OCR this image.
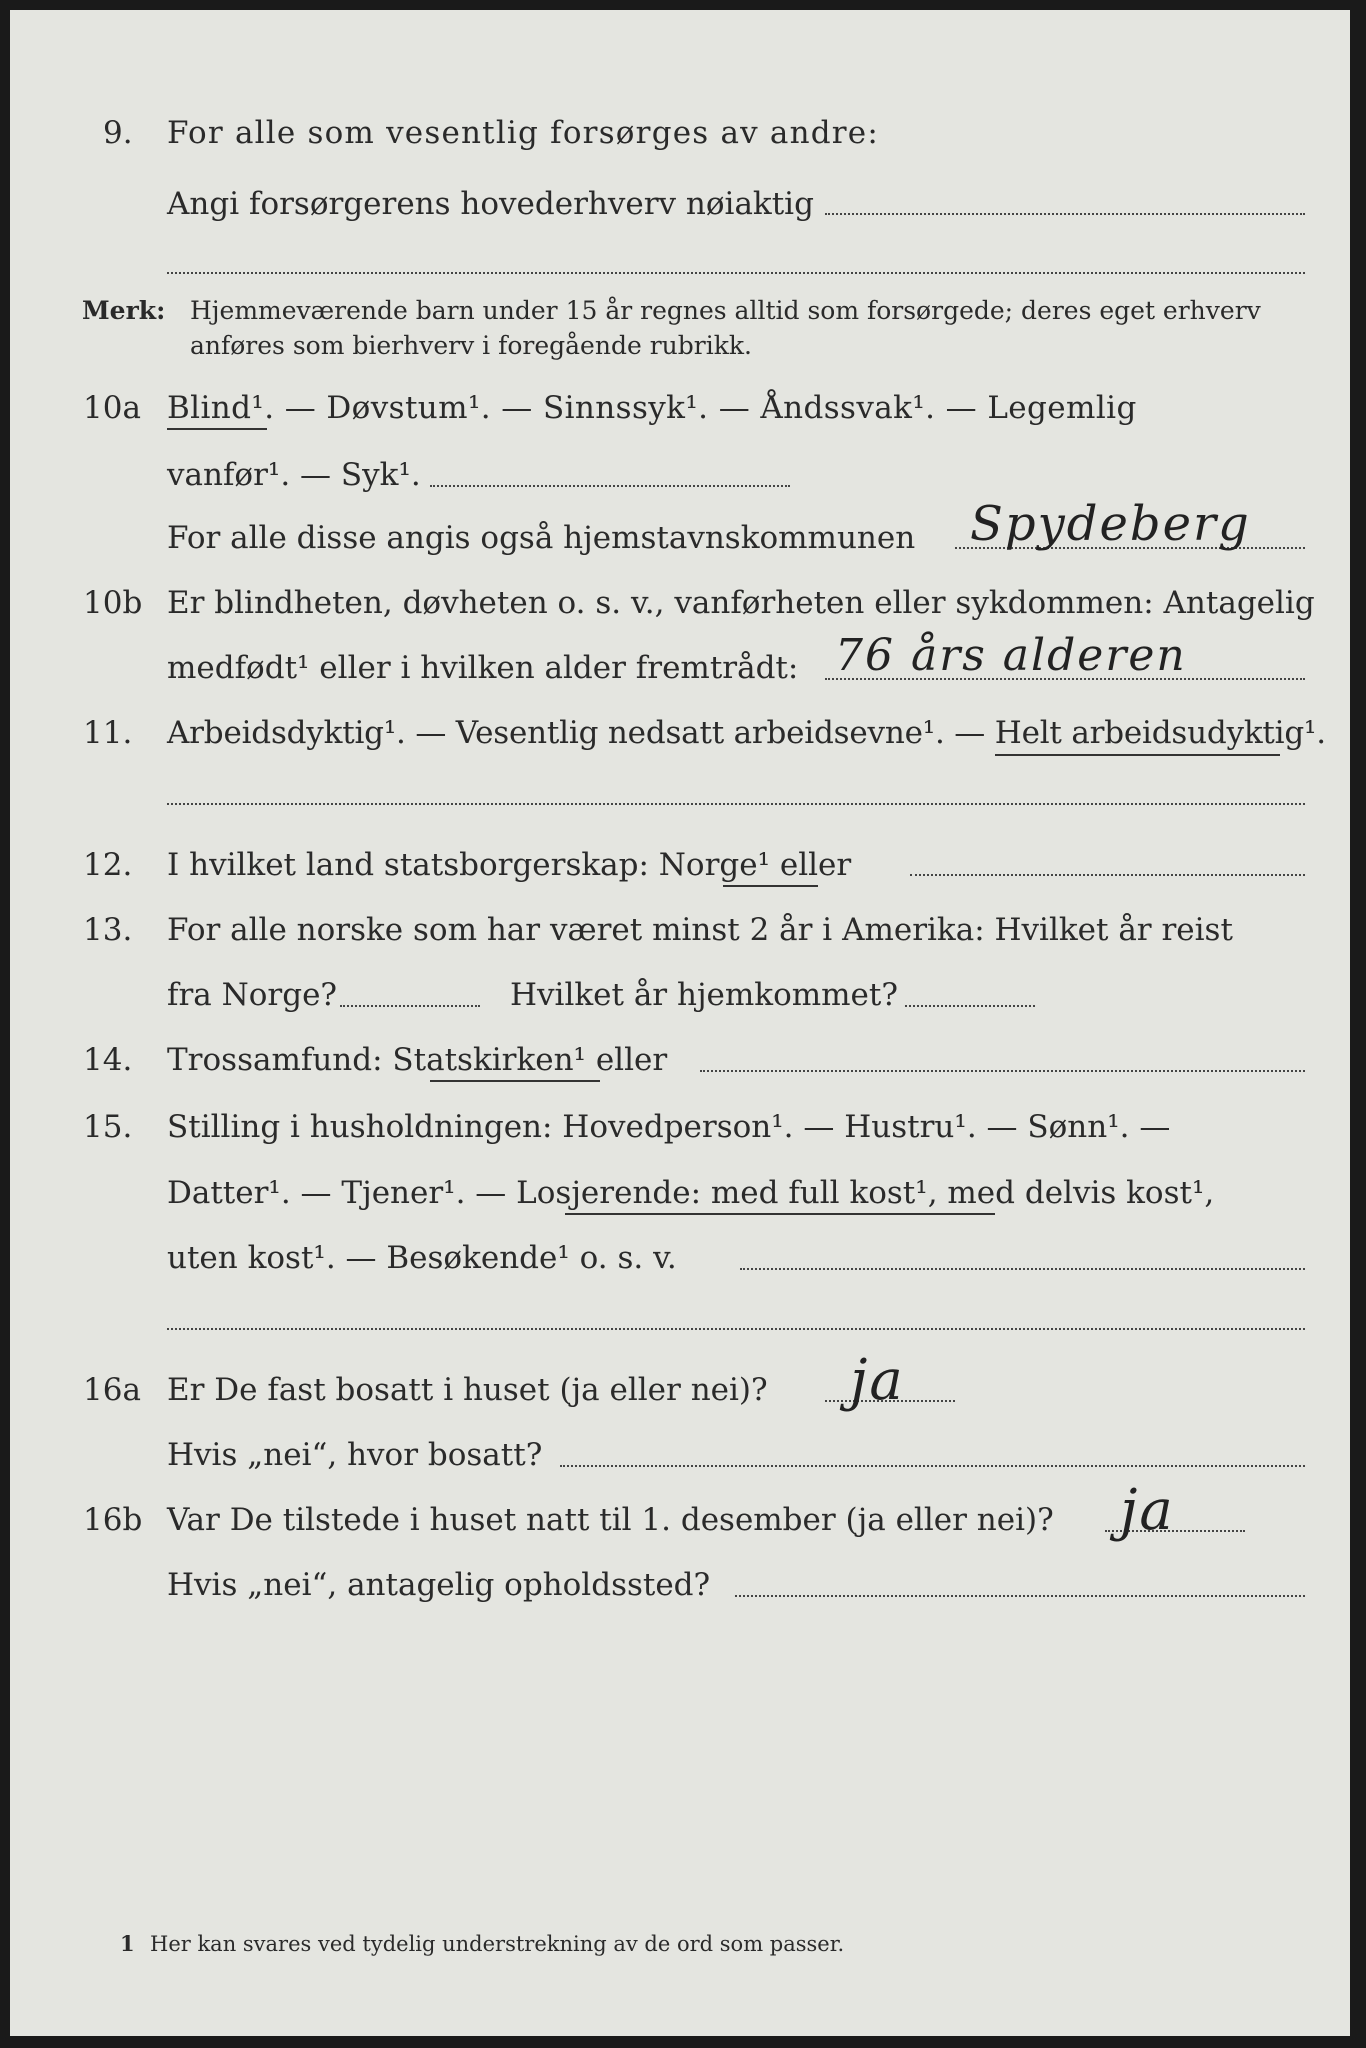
9. For alle som vesentlig forsørges av andre:
Angi forsørgerens hovederhverv nøiaktig
Merk: Hjemmeværende barn under 15 år regnes alltid som forsørgede; deres eget erhverv
anføres som bierhverv i foregående rubrikk.
10a Blind¹. — Døvstum¹. — Sinnssyk¹. — Åndssvak¹. — Legemlig
vanfør¹. — Syk¹.
For alle disse angis også hjemstavnskommunen Spydeberg
10b Er blindheten, døvheten o. s. v., vanførheten eller sykdommen: Antagelig
medfødt¹ eller i hvilken alder fremtrådt: 76 års alderen
11. Arbeidsdyktig¹. — Vesentlig nedsatt arbeidsevne¹. — Helt arbeidsudyktig¹.
12. I hvilket land statsborgerskap: Norge¹ eller
13. For alle norske som har været minst 2 år i Amerika: Hvilket år reist
fra Norge?	Hvilket år hjemkommet?
14. Trossamfund: Statskirken¹ eller
15. Stilling i husholdningen: Hovedperson¹. — Hustru¹. — Sønn¹. —
Datter¹. — Tjener¹. — Losjerende: med full kost¹, med delvis kost¹,
uten kost¹. — Besøkende¹ o. s. v.
16a Er De fast bosatt i huset (ja eller nei)? ja
Hvis „nei“, hvor bosatt?
16b Var De tilstede i huset natt til 1. desember (ja eller nei)? ja
Hvis „nei“, antagelig opholdssted?
1 Her kan svares ved tydelig understrekning av de ord som passer.
